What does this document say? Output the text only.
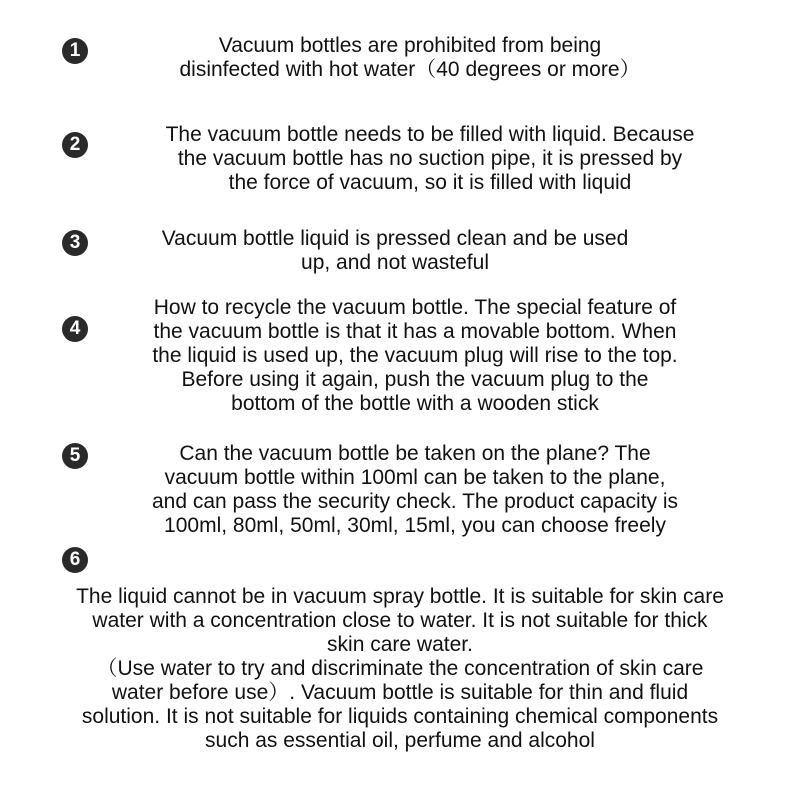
1	Vacuum bottles are prohibited from being
disinfected with hot water（40 degrees or more）
2	The vacuum bottle needs to be filled with liquid. Because
the vacuum bottle has no suction pipe, it is pressed by
the force of vacuum, so it is filled with liquid
3	Vacuum bottle liquid is pressed clean and be used
up, and not wasteful
4
How to recycle the vacuum bottle. The special feature of
the vacuum bottle is that it has a movable bottom. When
the liquid is used up, the vacuum plug will rise to the top.
Before using it again, push the vacuum plug to the
bottom of the bottle with a wooden stick
5	Can the vacuum bottle be taken on the plane? The
vacuum bottle within 100ml can be taken to the plane,
and can pass the security check. The product capacity is
100ml, 80ml, 50ml, 30ml, 15ml, you can choose freely
6
The liquid cannot be in vacuum spray bottle. It is suitable for skin care
water with a concentration close to water. It is not suitable for thick
skin care water.
（Use water to try and discriminate the concentration of skin care
water before use）. Vacuum bottle is suitable for thin and fluid
solution. It is not suitable for liquids containing chemical components
such as essential oil, perfume and alcohol
